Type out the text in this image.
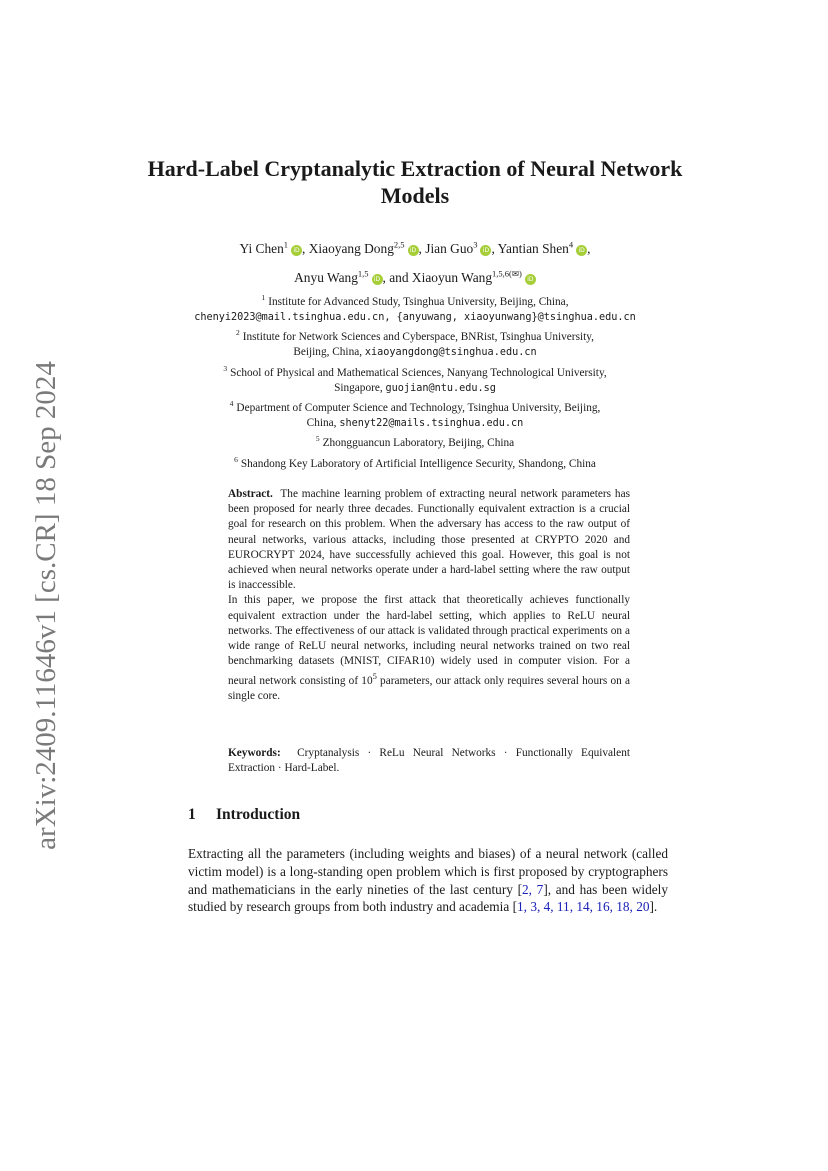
arXiv:2409.11646v1 [cs.CR] 18 Sep 2024
Hard-Label Cryptanalytic Extraction of Neural Network Models
Yi Chen$^1$iD , Xiaoyang Dong$^{2,5}$iD , Jian Guo$^3$iD , Yantian Shen$^4$iD ,
Anyu Wang$^{1,5}$iD , and Xiaoyun Wang$^{1,5,6(✉)}$iD
$^1$ Institute for Advanced Study, Tsinghua University, Beijing, China,
chenyi2023@mail.tsinghua.edu.cn, {anyuwang, xiaoyunwang}@tsinghua.edu.cn
$^2$ Institute for Network Sciences and Cyberspace, BNRist, Tsinghua University,
Beijing, China, xiaoyangdong@tsinghua.edu.cn
$^3$ School of Physical and Mathematical Sciences, Nanyang Technological University,
Singapore, guojian@ntu.edu.sg
$^4$ Department of Computer Science and Technology, Tsinghua University, Beijing,
China, shenyt22@mails.tsinghua.edu.cn
$^5$ Zhongguancun Laboratory, Beijing, China
$^6$ Shandong Key Laboratory of Artificial Intelligence Security, Shandong, China

Abstract. The machine learning problem of extracting neural network parameters has been proposed for nearly three decades. Functionally equivalent extraction is a crucial goal for research on this problem. When the adversary has access to the raw output of neural networks, various attacks, including those presented at CRYPTO 2020 and EUROCRYPT 2024, have successfully achieved this goal. However, this goal is not achieved when neural networks operate under a hard-label setting where the raw output is inaccessible.

In this paper, we propose the first attack that theoretically achieves functionally equivalent extraction under the hard-label setting, which applies to ReLU neural networks. The effectiveness of our attack is validated through practical experiments on a wide range of ReLU neural networks, including neural networks trained on two real benchmarking datasets (MNIST, CIFAR10) widely used in computer vision. For a neural network consisting of $10^5$ parameters, our attack only requires several hours on a single core.

Keywords: Cryptanalysis · ReLu Neural Networks · Functionally Equivalent Extraction · Hard-Label.
1 Introduction
Extracting all the parameters (including weights and biases) of a neural network (called victim model) is a long-standing open problem which is first proposed by cryptographers and mathematicians in the early nineties of the last century [2, 7], and has been widely studied by research groups from both industry and academia [1, 3, 4, 11, 14, 16, 18, 20].
